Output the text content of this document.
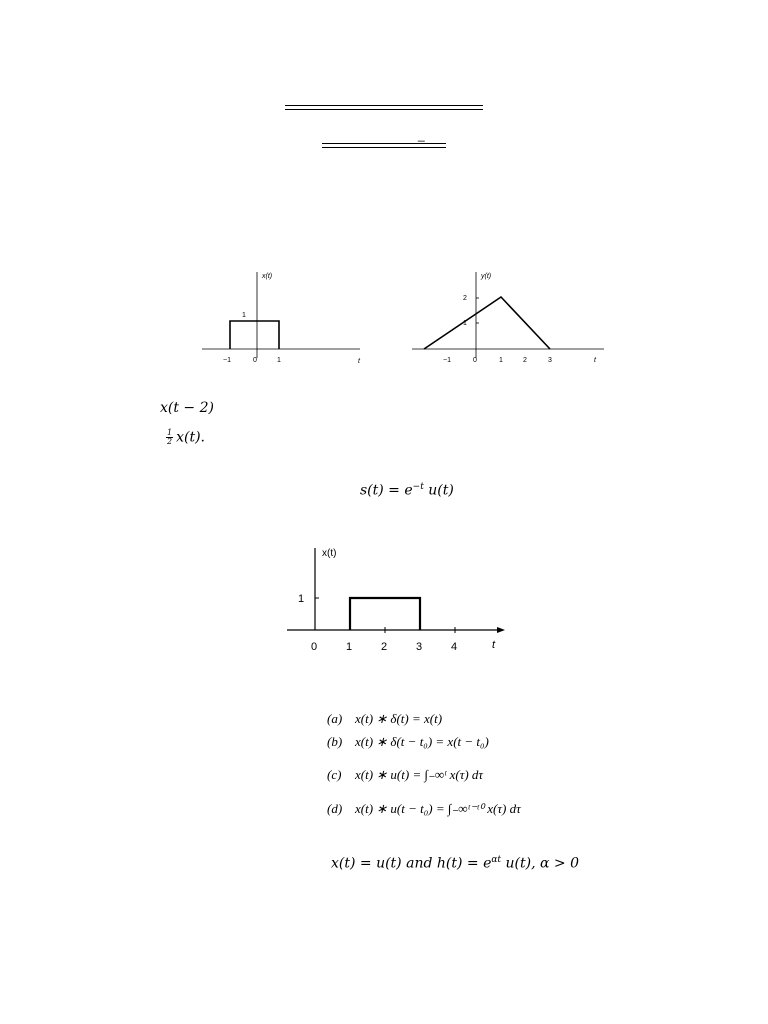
_
x(t)
t
1
−1	0	1
y(t)
t
2
1
−1	0	1	2	3
x(t − 2)
$\frac{1}{2} x(t)$.
$s(t) = e^{-t}$ u(t)
x(t)
1
t
0	1	2	3	4
(a) x(t) ∗ δ(t) = x(t)
(b) x(t) ∗ δ(t − t₀) = x(t − t₀)
(c) x(t) ∗ u(t) = ∫₋∞ᵗ x(τ) dτ
(d) x(t) ∗ u(t − t₀) = ∫₋∞ᵗ⁻ᵗ⁰ x(τ) dτ
x(t) = u(t) and $h(t) = e^{\alpha t}$ u(t), α > 0
